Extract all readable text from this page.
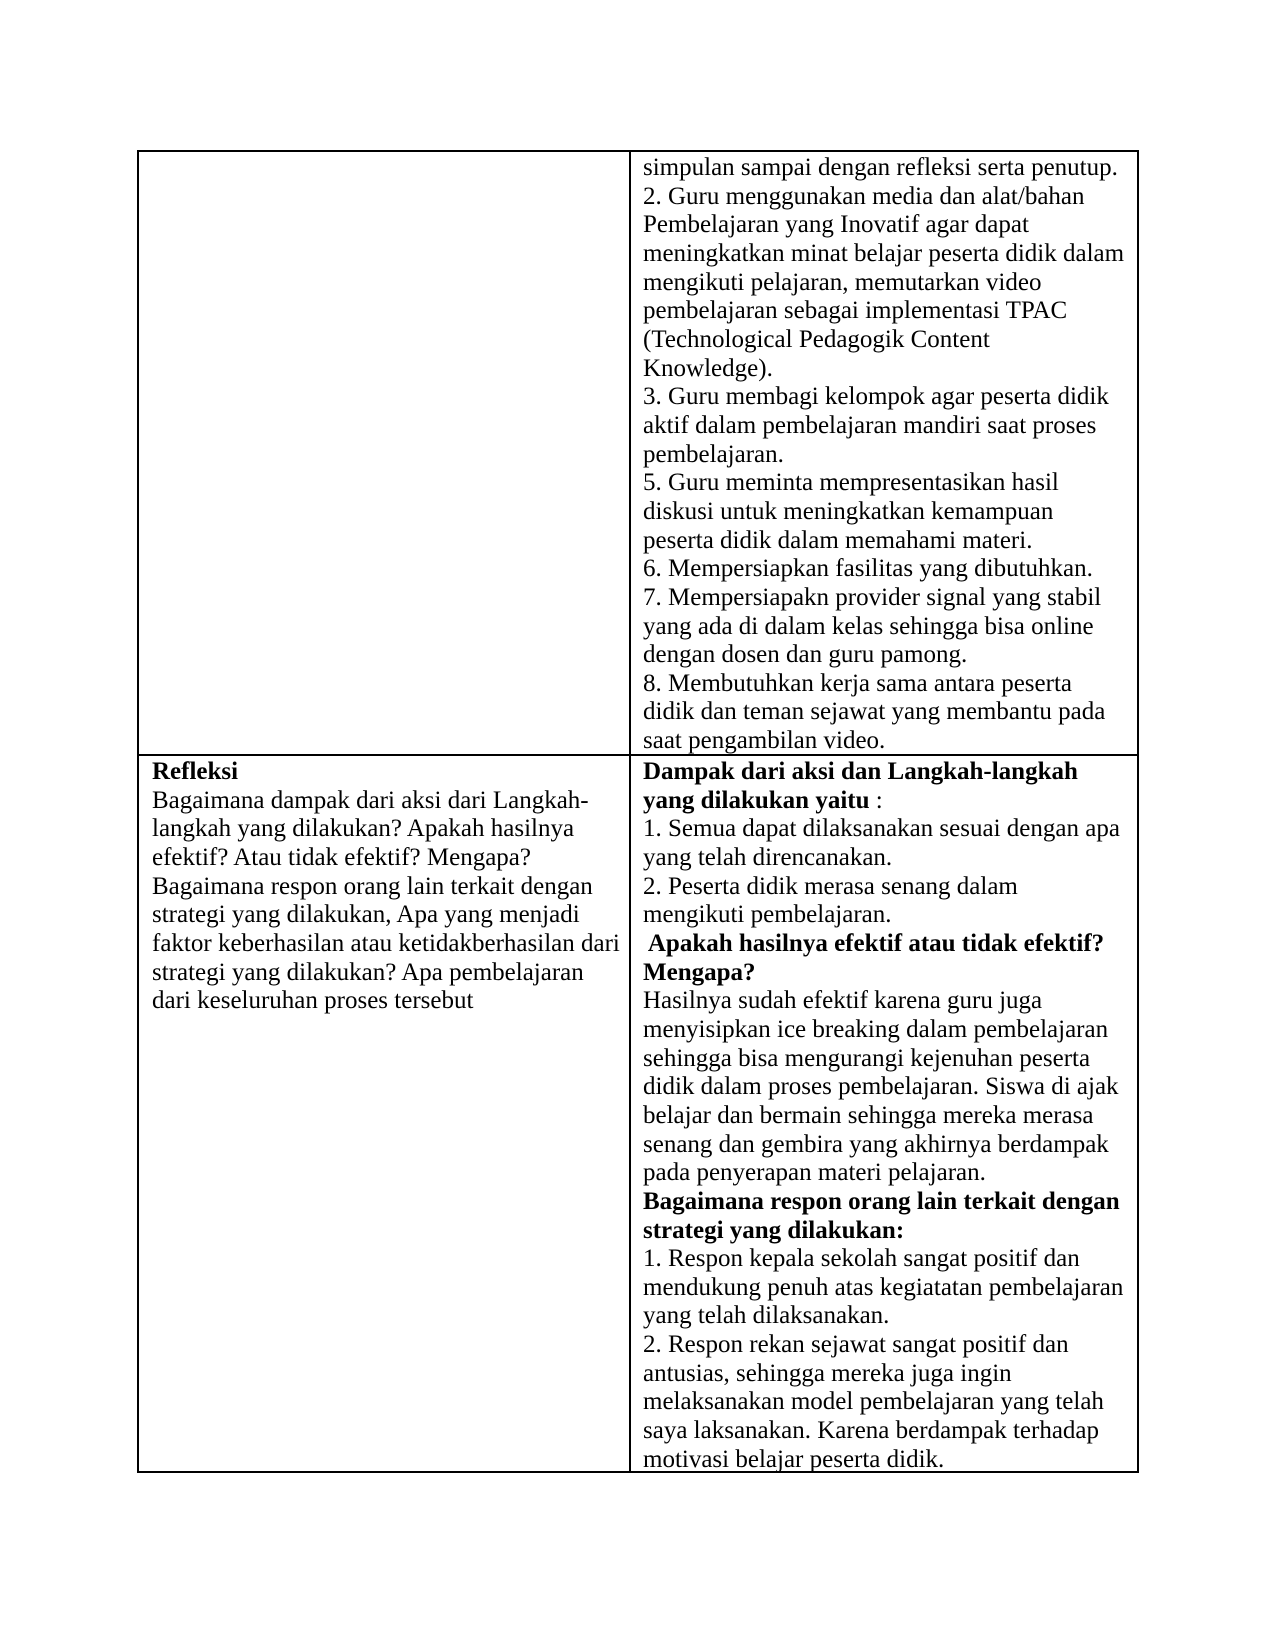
simpulan sampai dengan refleksi serta penutup.
2. Guru menggunakan media dan alat/bahan
Pembelajaran yang Inovatif agar dapat
meningkatkan minat belajar peserta didik dalam
mengikuti pelajaran, memutarkan video
pembelajaran sebagai implementasi TPAC
(Technological Pedagogik Content
Knowledge).
3. Guru membagi kelompok agar peserta didik
aktif dalam pembelajaran mandiri saat proses
pembelajaran.
5. Guru meminta mempresentasikan hasil
diskusi untuk meningkatkan kemampuan
peserta didik dalam memahami materi.
6. Mempersiapkan fasilitas yang dibutuhkan.
7. Mempersiapakn provider signal yang stabil
yang ada di dalam kelas sehingga bisa online
dengan dosen dan guru pamong.
8. Membutuhkan kerja sama antara peserta
didik dan teman sejawat yang membantu pada
saat pengambilan video.
Refleksi
Bagaimana dampak dari aksi dari Langkah-
langkah yang dilakukan? Apakah hasilnya
efektif? Atau tidak efektif? Mengapa?
Bagaimana respon orang lain terkait dengan
strategi yang dilakukan, Apa yang menjadi
faktor keberhasilan atau ketidakberhasilan dari
strategi yang dilakukan? Apa pembelajaran
dari keseluruhan proses tersebut
Dampak dari aksi dan Langkah-langkah
yang dilakukan yaitu :
1. Semua dapat dilaksanakan sesuai dengan apa
yang telah direncanakan.
2. Peserta didik merasa senang dalam
mengikuti pembelajaran.
Apakah hasilnya efektif atau tidak efektif?
Mengapa?
Hasilnya sudah efektif karena guru juga
menyisipkan ice breaking dalam pembelajaran
sehingga bisa mengurangi kejenuhan peserta
didik dalam proses pembelajaran. Siswa di ajak
belajar dan bermain sehingga mereka merasa
senang dan gembira yang akhirnya berdampak
pada penyerapan materi pelajaran.
Bagaimana respon orang lain terkait dengan
strategi yang dilakukan:
1. Respon kepala sekolah sangat positif dan
mendukung penuh atas kegiatatan pembelajaran
yang telah dilaksanakan.
2. Respon rekan sejawat sangat positif dan
antusias, sehingga mereka juga ingin
melaksanakan model pembelajaran yang telah
saya laksanakan. Karena berdampak terhadap
motivasi belajar peserta didik.
